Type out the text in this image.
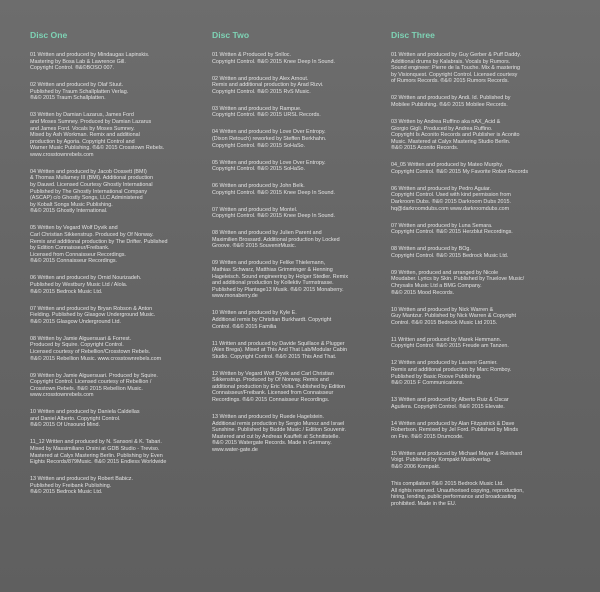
Disc One
01 Written and produced by Mindaugas Lapinskis.
Mastering by Bosa Lab & Lawrence Gill.
Copyright Control. ®&©BOSO 007.
02 Written and produced by Olaf Stuut.
Published by Traum Schallplatten Verlag.
®&© 2015 Traum Schallplatten.
03 Written by Damian Lazarus, James Ford
and Moses Sumney. Produced by Damian Lazarus
and James Ford. Vocals by Moses Sumney.
Mixed by Ash Workman. Remix and additional
production by Agoria. Copyright Control and
Warner Music Publishing. ®&© 2015 Crosstown Rebels.
www.crosstownrebels.com
04 Written and produced by Jacob Oossett (BMI)
& Thomas Mullarney III (BMI). Additional production
by Dauwd. Licensed Courtesy Ghostly International
Published by The Ghostly International Company
(ASCAP) c/o Ghostly Songs, LLC Administered
by Kobalt Songs Music Publishing.
®&© 2015 Ghostly International.
05 Written by Vegard Wolf Dyvik and
Carl Christian Sikkenstrup. Produced by Of Norway.
Remix and additional production by The Drifter. Published
by Edition Connaisseur/Freibank.
Licensed from Connaisseur Recordings.
®&© 2015 Connaisseur Recordings.
06 Written and produced by Ornid Nourizadeh.
Published by Westbury Music Ltd / Alola.
®&© 2015 Bedrock Music Ltd.
07 Written and produced by Bryan Robson & Anton
Fielding. Published by Glasgow Underground Music.
®&© 2015 Glasgow Underground Ltd.
08 Written by Jamie Alguersuari & Forrest.
Produced by Squire. Copyright Control.
Licensed courtesy of Rebellion/Crosstown Rebels.
®&© 2015 Rebellion Music. www.crosstownrebels.com
09 Written by Jamie Alguersuari. Produced by Squire.
Copyright Control. Licensed courtesy of Rebellion /
Crosstown Rebels. ®&© 2015 Rebellion Music.
www.crosstownrebels.com
10 Written and produced by Daniela Caldellas
and Daniel Alberto. Copyright Control.
®&© 2015 Of Unsound Mind.
11_12 Written and produced by N. Sansoni & K. Tabari.
Mixed by Massimiliano Orsini at GDB Studio - Treviso.
Mastered at Calyx Mastering Berlin. Publishing by Even
Eights Records/879Music. ®&© 2015 Endless Worldwide
13 Written and produced by Robert Babicz.
Published by Freibank Publishing.
®&© 2015 Bedrock Music Ltd.
Disc Two
01 Written & Produced by Snlloc.
Copyright Control. ®&© 2015 Knee Deep In Sound.
02 Written and produced by Alex Arnout.
Remix and additional production by Arad Rizvi.
Copyright Control. ®&© 2015 RvS Music.
03 Written and produced by Rampue.
Copyright Control. ®&© 2015 URSL Records.
04 Written and produced by Love Over Entropy.
(Dixon Retouch) reworked by Steffen Berkhahn.
Copyright Control. ®&© 2015 SoHaSo.
05 Written and produced by Love Over Entropy.
Copyright Control. ®&© 2015 SoHaSo.
06 Written and produced by John Belk.
Copyright Control. ®&© 2015 Knee Deep In Sound.
07 Written and produced by Montel.
Copyright Control. ®&© 2015 Knee Deep In Sound.
08 Written and produced by Julien Parent and
Maximilien Brossard. Additional production by Locked
Groove. ®&© 2015 SouvenirMusic.
09 Written and produced by Felike Thielemann,
Mathias Schwarz, Matthias Grimminger & Henning
Hageleisch. Sound engineering by Holger Stedler. Remix
and additional production by Kollektiv Turmstrasse.
Published by Plantage13 Musik. ®&© 2015 Monaberry.
www.monaberry.de
10 Written and produced by Kyle E.
Additional remix by Christian Burkhardt. Copyright
Control. ®&© 2015 Familia
11 Written and produced by Davide Squillace & Plugger
(Alex Brega). Mixed at This And That Lab/Modular Cabin
Studio. Copyright Control. ®&© 2015 This And That.
12 Written by Vegard Wolf Dyvik and Carl Christian
Sikkenstrup. Produced by Of Norway. Remix and
additional production by Eric Volta. Published by Edition
Connaisseur/Freibank. Licensed from Connaisseur
Recordings. ®&© 2015 Connaisseur Recordings.
13 Written and produced by Ruede Hagelstein.
Additional remix production by Sergio Munoz and Israel
Sunshine. Published by Budde Music / Edition Souvenir.
Mastered and cut by Andreas Kauffelt at Schnittstelle.
®&© 2015 Watergate Records. Made in Germany.
www.water-gate.de
Disc Three
01 Written and produced by Guy Gerber & Puff Daddy.
Additional drums by Kalabrais. Vocals by Rumors.
Sound engineer: Pierre de la Touche. Mix & mastering
by Visionquest. Copyright Control. Licensed courtesy
of Rumors Records. ®&© 2015 Rumors Records.
02 Written and produced by Andi. Id. Published by
Mobilee Publishing. ®&© 2015 Mobilee Records.
03 Written by Andrea Ruffino aka nAX_Acid &
Giorgio Gigli. Produced by Andrea Ruffino.
Copyright Is Aconito Records and Publisher is Aconito
Music. Mastered at Calyx Mastering Studio Berlin.
®&© 2015 Aconito Records.
04_05 Written and produced by Mateo Murphy.
Copyright Control. ®&© 2015 My Favorite Robot Records
06 Written and produced by Pedro Aguiar.
Copyright Control. Used with kind permission from
Darkroom Dubs. ®&© 2015 Darkroom Dubs 2015.
hq@darkroomdubs.com www.darkroomdubs.com
07 Written and produced by Luna Semara.
Copyright Control. ®&© 2015 Herzblut Recordings.
08 Written and produced by BOg.
Copyright Control. ®&© 2015 Bedrock Music Ltd.
09 Written, produced and arranged by Nicole
Moudaber. Lyrics by Skin. Published by Truelove Music/
Chrysalis Music Ltd a BMG Company.
®&© 2015 Mood Records.
10 Written and produced by Nick Warren &
Guy Mantzur. Published by Nick Warren & Copyright
Control. ®&© 2015 Bedrock Music Ltd 2015.
11 Written and produced by Marek Hemmann.
Copyright Control. ®&© 2015 Freude am Tanzen.
12 Written and produced by Laurent Garnier.
Remix and additional production by Marc Romboy.
Published by Basic Roove Publishing.
®&© 2015 F Communications.
13 Written and produced by Alberto Ruiz & Oscar
Aguilera. Copyright Control. ®&© 2015 Elevate.
14 Written and produced by Alan Fitzpatrick & Dave
Robertson. Remixed by Jel Ford. Published by Minds
on Fire. ®&© 2015 Drumcode.
15 Written and produced by Michael Mayer & Reinhard
Voigt. Published by Kompakt Musikverlag.
®&© 2006 Kompakt.
This compilation ®&© 2015 Bedrock Music Ltd.
All rights reserved. Unauthorised copying, reproduction,
hiring, lending, public performance and broadcasting
prohibited. Made in the EU.
